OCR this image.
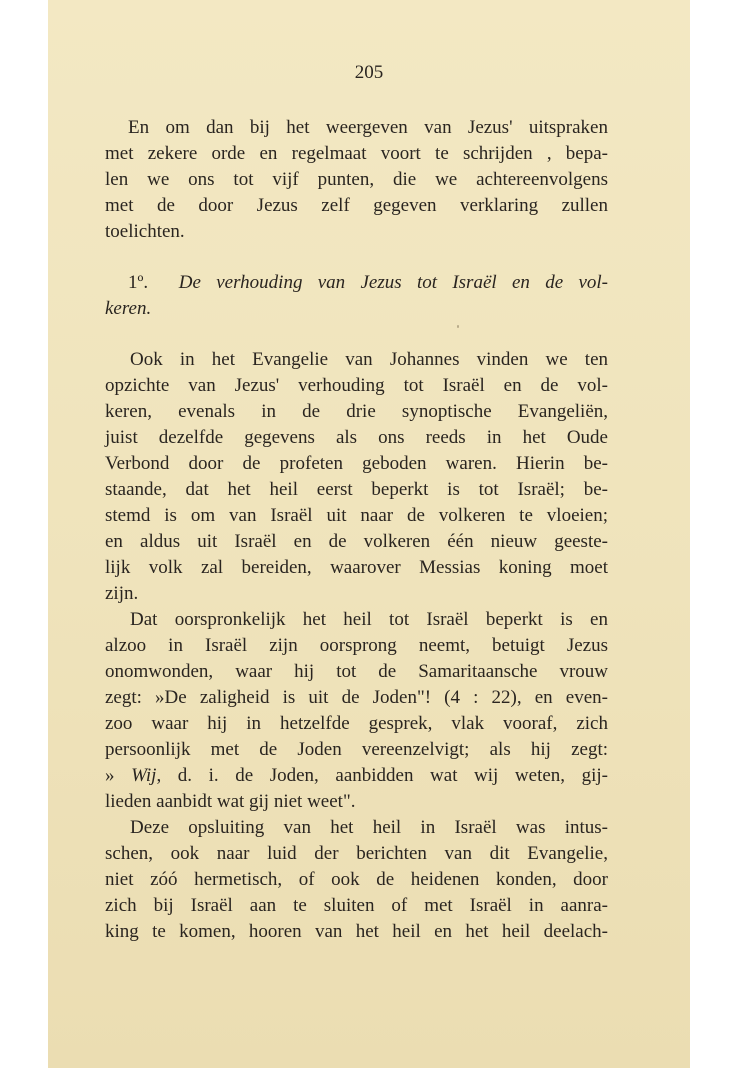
205
En om dan bij het weergeven van Jezus' uitspraken
met zekere orde en regelmaat voort te schrijden , bepa-
len we ons tot vijf punten, die we achtereenvolgens
met de door Jezus zelf gegeven verklaring zullen
toelichten.
1º. De verhouding van Jezus tot Israël en de vol-
keren.
Ook in het Evangelie van Johannes vinden we ten
opzichte van Jezus' verhouding tot Israël en de vol-
keren, evenals in de drie synoptische Evangeliën,
juist dezelfde gegevens als ons reeds in het Oude
Verbond door de profeten geboden waren. Hierin be-
staande, dat het heil eerst beperkt is tot Israël; be-
stemd is om van Israël uit naar de volkeren te vloeien;
en aldus uit Israël en de volkeren één nieuw geeste-
lijk volk zal bereiden, waarover Messias koning moet
zijn.
Dat oorspronkelijk het heil tot Israël beperkt is en
alzoo in Israël zijn oorsprong neemt, betuigt Jezus
onomwonden, waar hij tot de Samaritaansche vrouw
zegt: »De zaligheid is uit de Joden"! (4 : 22), en even-
zoo waar hij in hetzelfde gesprek, vlak vooraf, zich
persoonlijk met de Joden vereenzelvigt; als hij zegt:
» Wij, d. i. de Joden, aanbidden wat wij weten, gij-
lieden aanbidt wat gij niet weet".
Deze opsluiting van het heil in Israël was intus-
schen, ook naar luid der berichten van dit Evangelie,
niet zóó hermetisch, of ook de heidenen konden, door
zich bij Israël aan te sluiten of met Israël in aanra-
king te komen, hooren van het heil en het heil deelach-
